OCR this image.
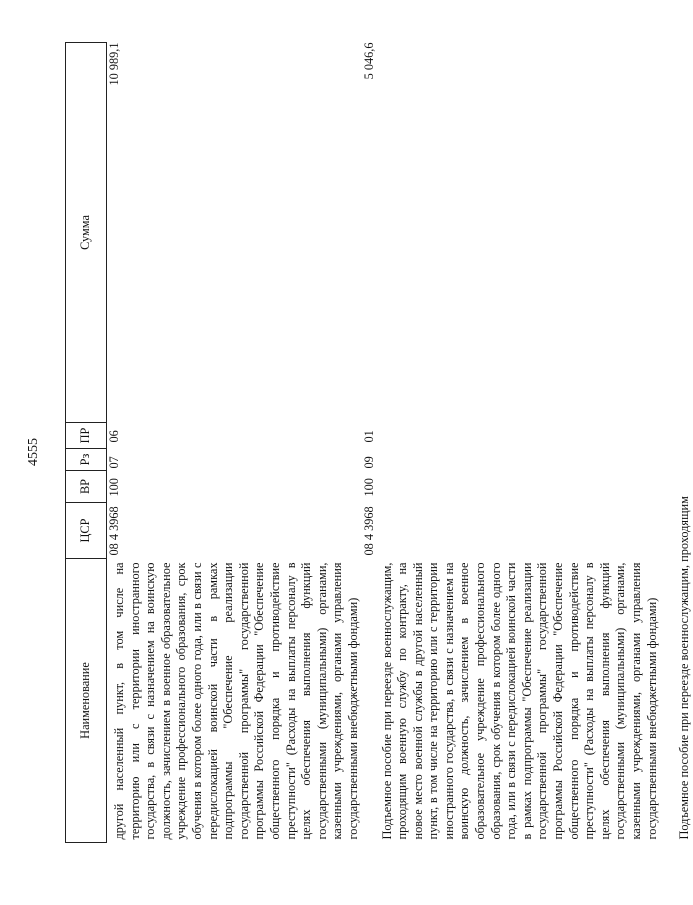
4555
Наименование	ЦСР	ВР	Рз	ПР	Сумма

другой населенный пункт, в том числе на территорию или с территории иностранного государства, в связи с назначением на воинскую должность, зачислением в военное образовательное учреждение профессионального образования, срок обучения в котором более одного года, или в связи с передислокацией воинской части в рамках подпрограммы "Обеспечение реализации государственной программы" государственной программы Российской Федерации "Обеспечение общественного порядка и противодействие преступности" (Расходы на выплаты персоналу в целях обеспечения выполнения функций государственными (муниципальными) органами, казенными учреждениями, органами управления государственными внебюджетными фондами)	08 4 3968	100	07	06	10 989,1

Подъемное пособие при переезде военнослужащим, проходящим военную службу по контракту, на новое место военной службы в другой населенный пункт, в том числе на территорию или с территории иностранного государства, в связи с назначением на воинскую должность, зачислением в военное образовательное учреждение профессионального образования, срок обучения в котором более одного года, или в связи с передислокацией воинской части в рамках подпрограммы "Обеспечение реализации государственной программы" государственной программы Российской Федерации "Обеспечение общественного порядка и противодействие преступности" (Расходы на выплаты персоналу в целях обеспечения выполнения функций государственными (муниципальными) органами, казенными учреждениями, органами управления государственными внебюджетными фондами)	08 4 3968	100	09	01	5 046,6

Подъемное пособие при переезде военнослужащим, проходящим					
